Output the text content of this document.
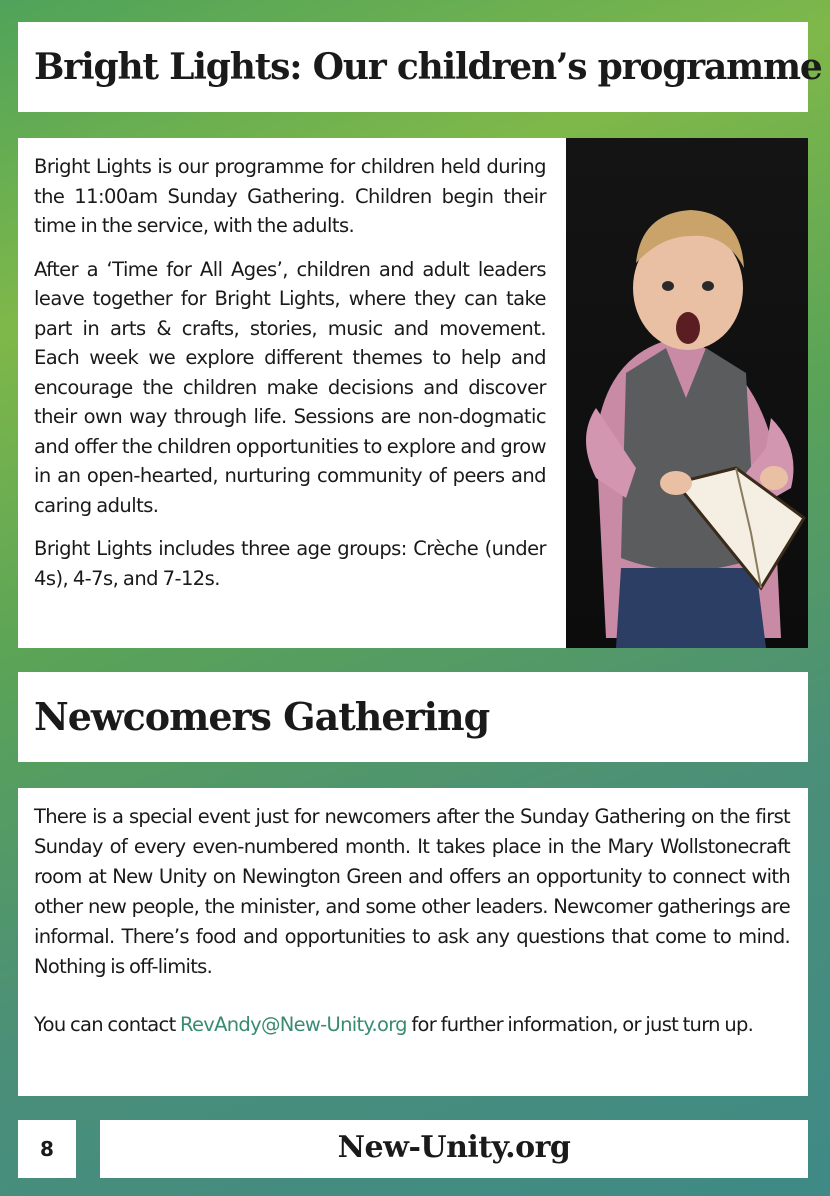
Bright Lights: Our children’s programme

Bright Lights is our programme for children held during the 11:00am Sunday Gathering. Children begin their time in the service, with the adults.

After a ‘Time for All Ages’, children and adult leaders leave together for Bright Lights, where they can take part in arts & crafts, stories, music and movement. Each week we explore different themes to help and encourage the children make decisions and discover their own way through life. Sessions are non-dogmatic and offer the children opportunities to explore and grow in an open-hearted, nurturing community of peers and caring adults.

Bright Lights includes three age groups: Crèche (under 4s), 4-7s, and 7-12s.

Newcomers Gathering

There is a special event just for newcomers after the Sunday Gathering on the first Sunday of every even-numbered month. It takes place in the Mary Wollstonecraft room at New Unity on Newington Green and offers an opportunity to connect with other new people, the minister, and some other leaders. Newcomer gatherings are informal. There’s food and opportunities to ask any questions that come to mind. Nothing is off-limits.

You can contact RevAndy@New-Unity.org for further information, or just turn up.

8	New-Unity.org
